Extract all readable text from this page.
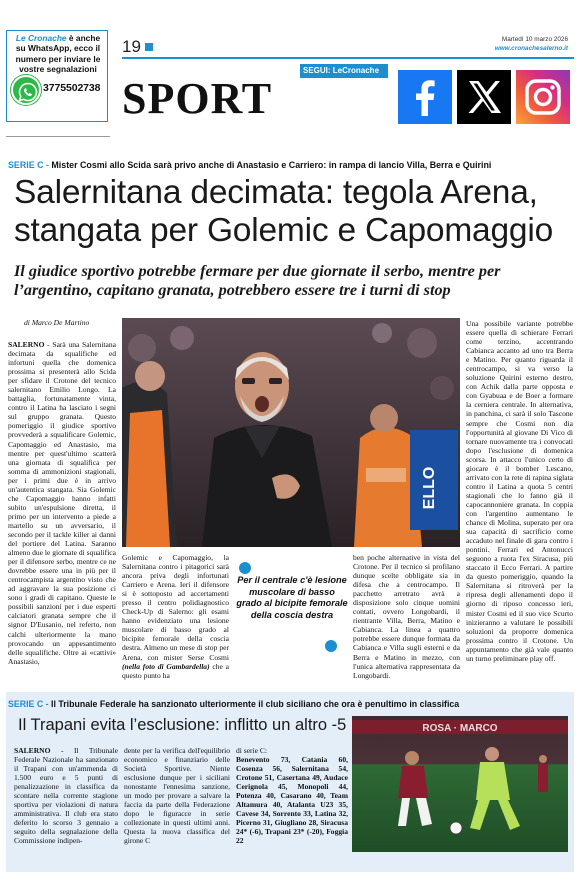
Le Cronache è anche
su WhatsApp, ecco il
numero per inviare le
vostre segnalazioni
3775502738
19	Martedì 10 marzo 2026
www.cronachesalerno.it
SPORT
SEGUI: LeCronache
SERIE C - Mister Cosmi allo Scida sarà privo anche di Anastasio e Carriero: in rampa di lancio Villa, Berra e Quirini
Salernitana decimata: tegola Arena, stangata per Golemic e Capomaggio
Il giudice sportivo potrebbe fermare per due giornate il serbo, mentre per l’argentino, capitano granata, potrebbero essere tre i turni di stop
di Marco De Martino
SALERNO - Sarà una Salernitana decimata da squalifiche ed infortuni quella che domenica prossima si presenterà allo Scida per sfidare il Crotone del tecnico salernitano Emilio Longo. La battaglia, fortunatamente vinta, contro il Latina ha lasciato i segni sul gruppo granata. Questo pomeriggio il giudice sportivo provvederà a squalificare Golemic, Capomaggio ed Anastasio, ma mentre per quest'ultimo scatterà una giornata di squalifica per somma di ammonizioni stagionali, per i primi due è in arrivo un'autentica stangata. Sia Golemic che Capomaggio hanno infatti subito un'espulsione diretta, il primo per un intervento a piede a martello su un avversario, il secondo per il tackle killer ai danni del portiere del Latina. Saranno almeno due le giornate di squalifica per il difensore serbo, mentre ce ne dovrebbe essere una in più per il centrocampista argentino visto che ad aggravare la sua posizione ci sono i gradi di capitano. Queste le possibili sanzioni per i due esperti calciatori granata sempre che il signor D'Eusanio, nel referto, non calchi ulteriormente la mano provocando un appesantimento delle squalifiche. Oltre ai «cattivi» Anastasio,
ELLO
Golemic e Capomaggio, la Salernitana contro i pitagorici sarà ancora priva degli infortunati Carriero e Arena. Ieri il difensore si è sottoposto ad accertamenti presso il centro polidiagnostico Check-Up di Salerno: gli esami hanno evidenziato una lesione muscolare di basso grado al bicipite femorale della coscia destra. Almeno un mese di stop per Arena, con mister Serse Cosmi (nella foto di Gambardella) che a questo punto ha
Per il centrale c'è lesione muscolare di basso grado al bicipite femorale della coscia destra
ben poche alternative in vista del Crotone. Per il tecnico si profilano dunque scelte obbligate sia in difesa che a centrocampo. Il pacchetto arretrato avrà a disposizione solo cinque uomini contati, ovvero Longobardi, il rientrante Villa, Berra, Matino e Cabianca. La linea a quattro potrebbe essere dunque formata da Cabianca e Villa sugli esterni e da Berra e Matino in mezzo, con l'unica alternativa rappresentata da Longobardi.
Una possibile variante potrebbe essere quella di schierare Ferrari come terzino, accentrando Cabianca accanto ad uno tra Berra e Matino. Per quanto riguarda il centrocampo, si va verso la soluzione Quirini esterno destro, con Achik dalla parte opposta e con Gyabuaa e de Boer a formare la cerniera centrale. In alternativa, in panchina, ci sarà il solo Tascone sempre che Cosmi non dia l'opportunità al giovane Di Vico di tornare nuovamente tra i convocati dopo l'esclusione di domenica scorsa. In attacco l'unico certo di giocare è il bomber Lescano, arrivato con la rete di rapina siglata contro il Latina a quota 5 centri stagionali che lo fanno già il capocannoniere granata. In coppia con l'argentino aumentano le chance di Molina, superato per ora sua capacità di sacrificio come accaduto nel finale di gara contro i pontini. Ferrari ed Antonucci seguono a ruota l'ex Siracusa, più staccato il Ecco Ferrari. A partire da questo pomeriggio, quando la Salernitana si ritroverà per la ripresa degli allenamenti dopo il giorno di riposo concesso ieri, mister Cosmi ed il suo vice Scurto inizieranno a valutare le possibili soluzioni da proporre domenica prossima contro il Crotone. Un appuntamento che già vale quanto un turno preliminare play off.
SERIE C - Il Tribunale Federale ha sanzionato ulteriormente il club siciliano che ora è penultimo in classifica
Il Trapani evita l’esclusione: inflitto un altro -5
SALERNO - Il Tribunale Federale Nazionale ha sanzionato il Trapani con un'ammenda di 1.500 euro e 5 punti di penalizzazione in classifica da scontare nella corrente stagione sportiva per violazioni di natura amministrativa. Il club era stato deferito lo scorso 3 gennaio a seguito della segnalazione della Commissione indipen-
dente per la verifica dell'equilibrio economico e finanziario delle Società Sportive. Niente esclusione dunque per i siciliani nonostante l'ennesima sanzione, un modo per provare a salvare la faccia da parte della Federazione dopo le figuracce in serie collezionate in questi ultimi anni. Questa la nuova classifica del girone C
di serie C:
Benevento 73, Catania 60, Cosenza 56, Salernitana 54, Crotone 51, Casertana 49, Audace Cerignola 45, Monopoli 44, Potenza 40, Casarano 40, Team Altamura 40, Atalanta U23 35, Cavese 34, Sorrento 33, Latina 32, Picerno 31, Giugliano 28, Siracusa 24* (-6), Trapani 23* (-20), Foggia 22
ROSA · MARCO
